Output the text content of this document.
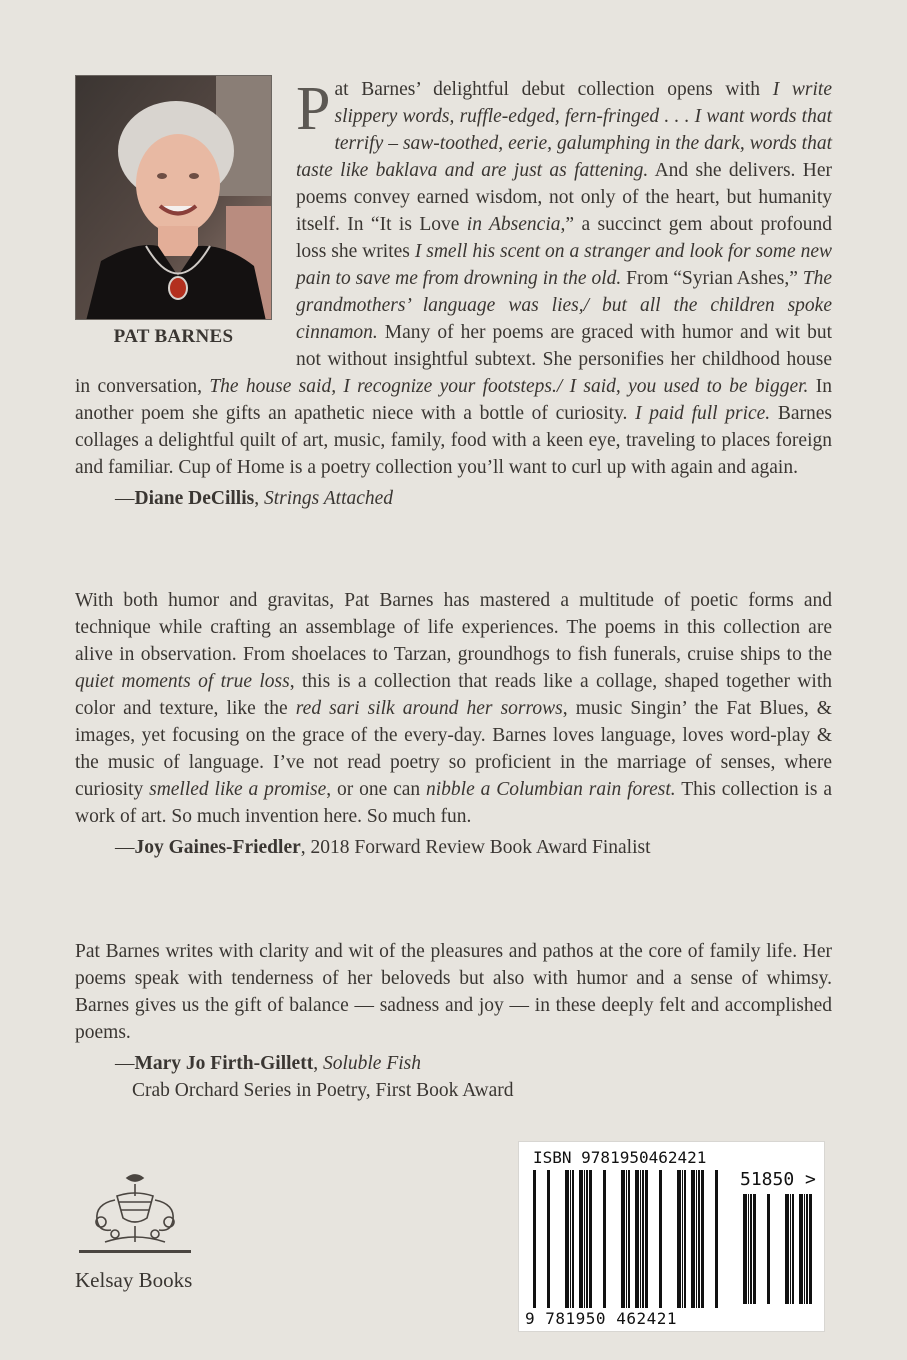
PAT BARNES
P at Barnes’ delightful debut collection opens with I write slippery words, ruffle-edged, fern-fringed . . . I want words that terrify – saw-toothed, eerie, galumphing in the dark, words that taste like baklava and are just as fattening. And she delivers. Her poems convey earned wisdom, not only of the heart, but humanity itself. In “It is Love in Absencia,” a succinct gem about profound loss she writes I smell his scent on a stranger and look for some new pain to save me from drowning in the old. From “Syrian Ashes,” The grandmothers’ language was lies,/ but all the children spoke cinnamon. Many of her poems are graced with humor and wit but not without insightful subtext. She personifies her childhood house in conversation, The house said, I recognize your footsteps./ I said, you used to be bigger. In another poem she gifts an apathetic niece with a bottle of curiosity. I paid full price. Barnes collages a delightful quilt of art, music, family, food with a keen eye, traveling to places foreign and familiar. Cup of Home is a poetry collection you’ll want to curl up with again and again.
—Diane DeCillis, Strings Attached
With both humor and gravitas, Pat Barnes has mastered a multitude of poetic forms and technique while crafting an assemblage of life experiences. The poems in this collection are alive in observation. From shoelaces to Tarzan, groundhogs to fish funerals, cruise ships to the quiet moments of true loss, this is a collection that reads like a collage, shaped together with color and texture, like the red sari silk around her sorrows, music Singin’ the Fat Blues, & images, yet focusing on the grace of the every-day. Barnes loves language, loves word-play & the music of language. I’ve not read poetry so proficient in the marriage of senses, where curiosity smelled like a promise, or one can nibble a Columbian rain forest. This collection is a work of art. So much invention here. So much fun.
—Joy Gaines-Friedler, 2018 Forward Review Book Award Finalist
Pat Barnes writes with clarity and wit of the pleasures and pathos at the core of family life. Her poems speak with tenderness of her beloveds but also with humor and a sense of whimsy. Barnes gives us the gift of balance — sadness and joy — in these deeply felt and accomplished poems.
—Mary Jo Firth-Gillett, Soluble Fish
Crab Orchard Series in Poetry, First Book Award
Kelsay Books
ISBN 9781950462421
51850 >
9 781950 462421
